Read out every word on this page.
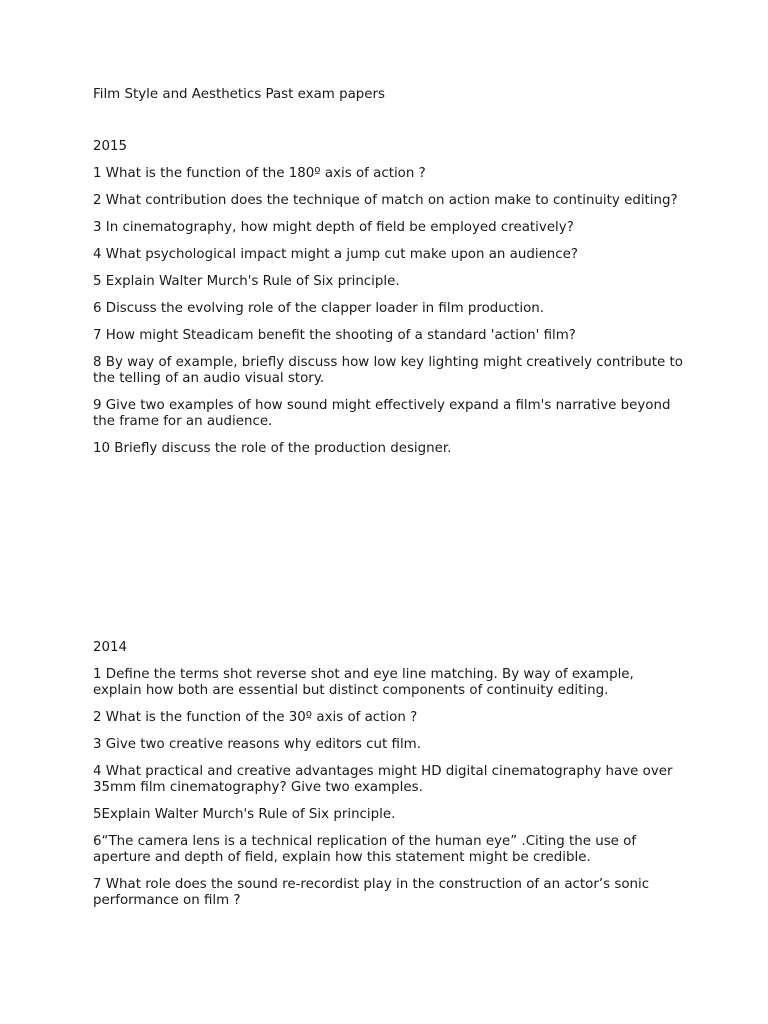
Film Style and Aesthetics Past exam papers
2015
1 What is the function of the 180º axis of action ?
2 What contribution does the technique of match on action make to continuity editing?
3 In cinematography, how might depth of field be employed creatively?
4 What psychological impact might a jump cut make upon an audience?
5 Explain Walter Murch's Rule of Six principle.
6 Discuss the evolving role of the clapper loader in film production.
7 How might Steadicam benefit the shooting of a standard 'action' film?
8 By way of example, briefly discuss how low key lighting might creatively contribute to the telling of an audio visual story.
9 Give two examples of how sound might effectively expand a film's narrative beyond the frame for an audience.
10 Briefly discuss the role of the production designer.
2014
1 Define the terms shot reverse shot and eye line matching. By way of example, explain how both are essential but distinct components of continuity editing.
2 What is the function of the 30º axis of action ?
3 Give two creative reasons why editors cut film.
4 What practical and creative advantages might HD digital cinematography have over 35mm film cinematography? Give two examples.
5Explain Walter Murch's Rule of Six principle.
6“The camera lens is a technical replication of the human eye” .Citing the use of aperture and depth of field, explain how this statement might be credible.
7 What role does the sound re-recordist play in the construction of an actor’s sonic performance on film ?
